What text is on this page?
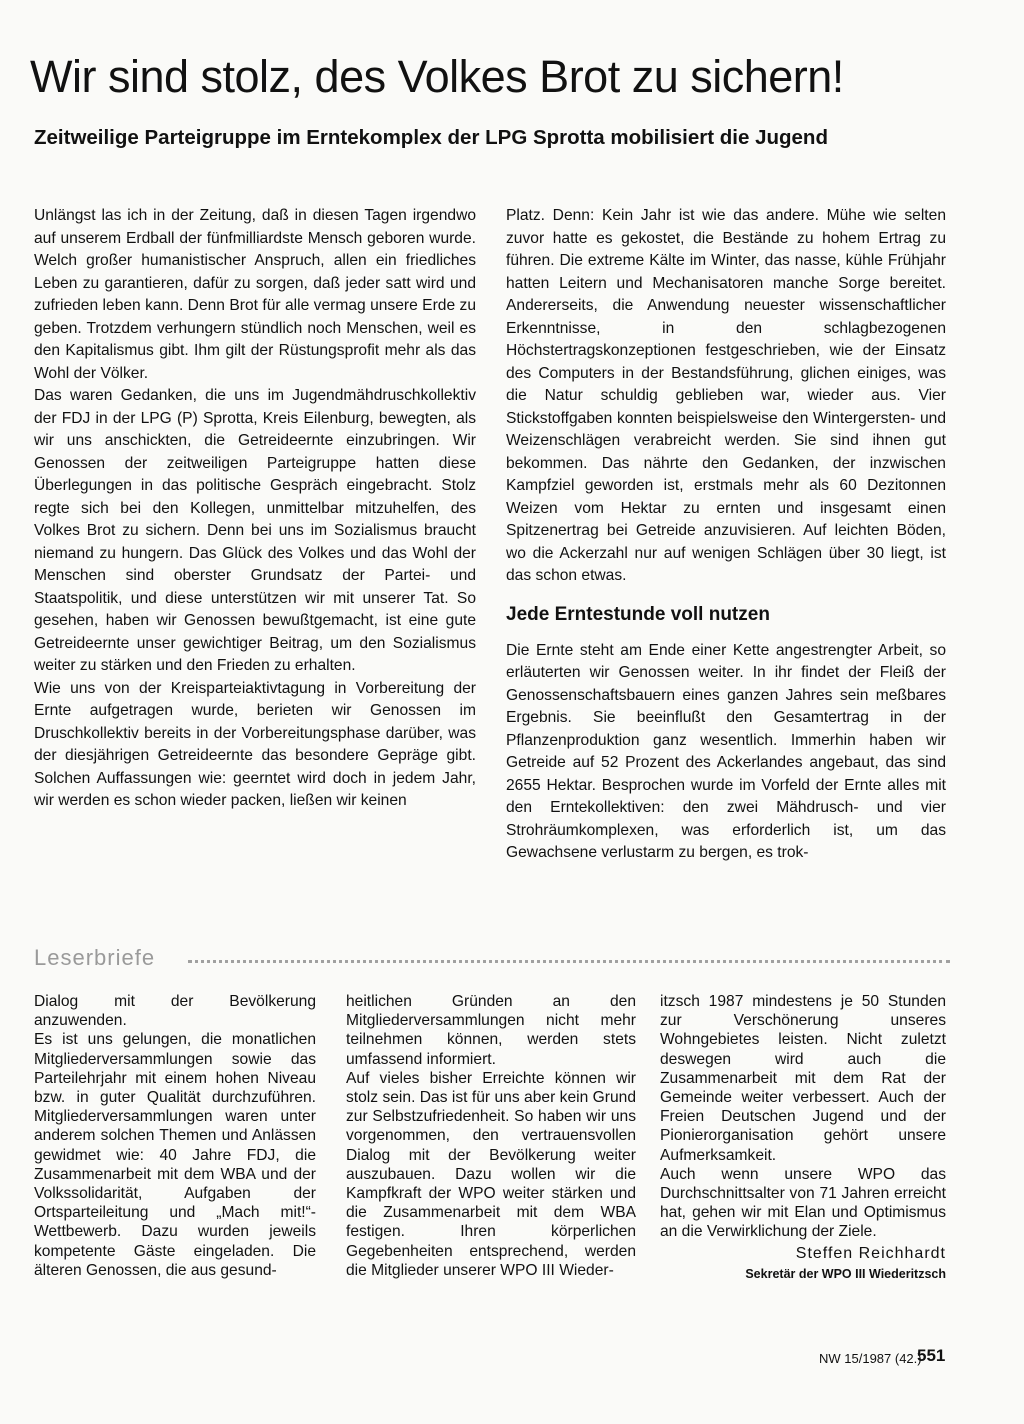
Wir sind stolz, des Volkes Brot zu sichern!
Zeitweilige Parteigruppe im Erntekomplex der LPG Sprotta mobilisiert die Jugend

Unlängst las ich in der Zeitung, daß in diesen Tagen irgendwo auf unserem Erdball der fünfmilliardste Mensch geboren wurde. Welch großer humanistischer Anspruch, allen ein friedliches Leben zu garantieren, dafür zu sorgen, daß jeder satt wird und zufrieden leben kann. Denn Brot für alle vermag unsere Erde zu geben. Trotzdem verhungern stündlich noch Menschen, weil es den Kapitalismus gibt. Ihm gilt der Rüstungsprofit mehr als das Wohl der Völker.

Das waren Gedanken, die uns im Jugendmähdruschkollektiv der FDJ in der LPG (P) Sprotta, Kreis Eilenburg, bewegten, als wir uns anschickten, die Getreideernte einzubringen. Wir Genossen der zeitweiligen Parteigruppe hatten diese Überlegungen in das politische Gespräch eingebracht. Stolz regte sich bei den Kollegen, unmittelbar mitzuhelfen, des Volkes Brot zu sichern. Denn bei uns im Sozialismus braucht niemand zu hungern. Das Glück des Volkes und das Wohl der Menschen sind oberster Grundsatz der Partei- und Staatspolitik, und diese unterstützen wir mit unserer Tat. So gesehen, haben wir Genossen bewußtgemacht, ist eine gute Getreideernte unser gewichtiger Beitrag, um den Sozialismus weiter zu stärken und den Frieden zu erhalten.

Wie uns von der Kreisparteiaktivtagung in Vorbereitung der Ernte aufgetragen wurde, berieten wir Genossen im Druschkollektiv bereits in der Vorbereitungsphase darüber, was der diesjährigen Getreideernte das besondere Gepräge gibt. Solchen Auffassungen wie: geerntet wird doch in jedem Jahr, wir werden es schon wieder packen, ließen wir keinen

Platz. Denn: Kein Jahr ist wie das andere. Mühe wie selten zuvor hatte es gekostet, die Bestände zu hohem Ertrag zu führen. Die extreme Kälte im Winter, das nasse, kühle Frühjahr hatten Leitern und Mechanisatoren manche Sorge bereitet. Andererseits, die Anwendung neuester wissenschaftlicher Erkenntnisse, in den schlagbezogenen Höchstertragskonzeptionen festgeschrieben, wie der Einsatz des Computers in der Bestandsführung, glichen einiges, was die Natur schuldig geblieben war, wieder aus. Vier Stickstoffgaben konnten beispielsweise den Wintergersten- und Weizenschlägen verabreicht werden. Sie sind ihnen gut bekommen. Das nährte den Gedanken, der inzwischen Kampfziel geworden ist, erstmals mehr als 60 Dezitonnen Weizen vom Hektar zu ernten und insgesamt einen Spitzenertrag bei Getreide anzuvisieren. Auf leichten Böden, wo die Ackerzahl nur auf wenigen Schlägen über 30 liegt, ist das schon etwas.

Jede Erntestunde voll nutzen

Die Ernte steht am Ende einer Kette angestrengter Arbeit, so erläuterten wir Genossen weiter. In ihr findet der Fleiß der Genossenschaftsbauern eines ganzen Jahres sein meßbares Ergebnis. Sie beeinflußt den Gesamtertrag in der Pflanzenproduktion ganz wesentlich. Immerhin haben wir Getreide auf 52 Prozent des Ackerlandes angebaut, das sind 2655 Hektar. Besprochen wurde im Vorfeld der Ernte alles mit den Erntekollektiven: den zwei Mähdrusch- und vier Strohräumkomplexen, was erforderlich ist, um das Gewachsene verlustarm zu bergen, es trok-

Leserbriefe

Dialog mit der Bevölkerung anzuwenden.

Es ist uns gelungen, die monatlichen Mitgliederversammlungen sowie das Parteilehrjahr mit einem hohen Niveau bzw. in guter Qualität durchzuführen. Mitgliederversammlungen waren unter anderem solchen Themen und Anlässen gewidmet wie: 40 Jahre FDJ, die Zusammenarbeit mit dem WBA und der Volkssolidarität, Aufgaben der Ortsparteileitung und „Mach mit!“-Wettbewerb. Dazu wurden jeweils kompetente Gäste eingeladen. Die älteren Genossen, die aus gesund-

heitlichen Gründen an den Mitgliederversammlungen nicht mehr teilnehmen können, werden stets umfassend informiert.

Auf vieles bisher Erreichte können wir stolz sein. Das ist für uns aber kein Grund zur Selbstzufriedenheit. So haben wir uns vorgenommen, den vertrauensvollen Dialog mit der Bevölkerung weiter auszubauen. Dazu wollen wir die Kampfkraft der WPO weiter stärken und die Zusammenarbeit mit dem WBA festigen. Ihren körperlichen Gegebenheiten entsprechend, werden die Mitglieder unserer WPO III Wieder-

itzsch 1987 mindestens je 50 Stunden zur Verschönerung unseres Wohngebietes leisten. Nicht zuletzt deswegen wird auch die Zusammenarbeit mit dem Rat der Gemeinde weiter verbessert. Auch der Freien Deutschen Jugend und der Pionierorganisation gehört unsere Aufmerksamkeit.

Auch wenn unsere WPO das Durchschnittsalter von 71 Jahren erreicht hat, gehen wir mit Elan und Optimismus an die Verwirklichung der Ziele.

Steffen Reichhardt
Sekretär der WPO III Wiederitzsch
NW 15/1987 (42.)
551
